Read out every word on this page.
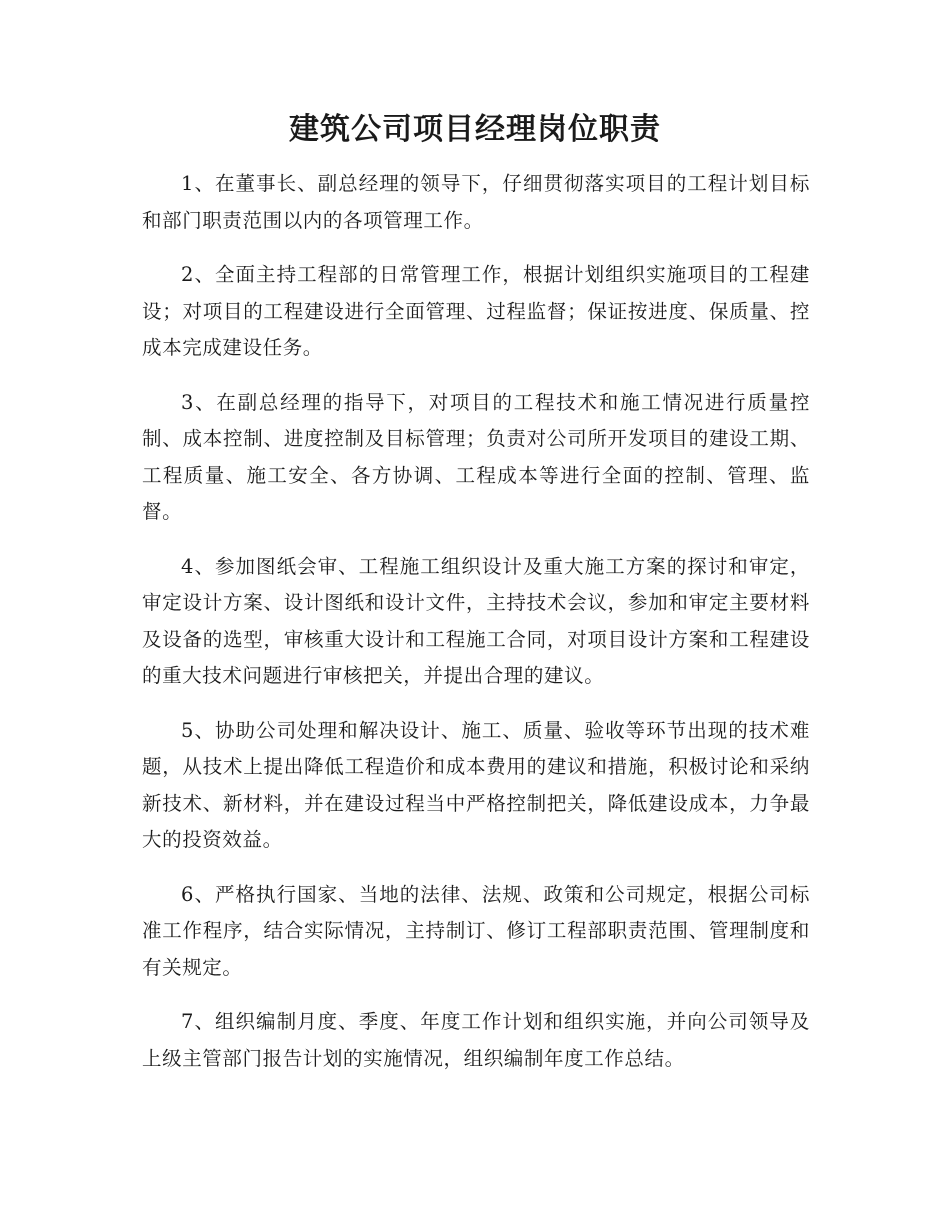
建筑公司项目经理岗位职责

1、在董事长、副总经理的领导下，仔细贯彻落实项目的工程计划目标和部门职责范围以内的各项管理工作。

2、全面主持工程部的日常管理工作，根据计划组织实施项目的工程建设；对项目的工程建设进行全面管理、过程监督；保证按进度、保质量、控成本完成建设任务。

3、在副总经理的指导下，对项目的工程技术和施工情况进行质量控制、成本控制、进度控制及目标管理；负责对公司所开发项目的建设工期、工程质量、施工安全、各方协调、工程成本等进行全面的控制、管理、监督。

4、参加图纸会审、工程施工组织设计及重大施工方案的探讨和审定，审定设计方案、设计图纸和设计文件，主持技术会议，参加和审定主要材料及设备的选型，审核重大设计和工程施工合同，对项目设计方案和工程建设的重大技术问题进行审核把关，并提出合理的建议。

5、协助公司处理和解决设计、施工、质量、验收等环节出现的技术难题，从技术上提出降低工程造价和成本费用的建议和措施，积极讨论和采纳新技术、新材料，并在建设过程当中严格控制把关，降低建设成本，力争最大的投资效益。

6、严格执行国家、当地的法律、法规、政策和公司规定，根据公司标准工作程序，结合实际情况，主持制订、修订工程部职责范围、管理制度和有关规定。

7、组织编制月度、季度、年度工作计划和组织实施，并向公司领导及上级主管部门报告计划的实施情况，组织编制年度工作总结。
